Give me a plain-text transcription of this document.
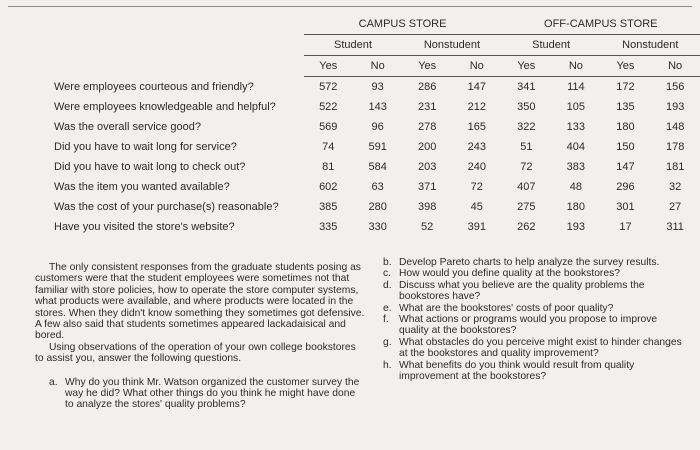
	CAMPUS STORE				OFF-CAMPUS STORE			
	Student		Nonstudent		Student		Nonstudent	
	Yes	No	Yes	No	Yes	No	Yes	No
Were employees courteous and friendly?	572	93	286	147	341	114	172	156
Were employees knowledgeable and helpful?	522	143	231	212	350	105	135	193
Was the overall service good?	569	96	278	165	322	133	180	148
Did you have to wait long for service?	74	591	200	243	51	404	150	178
Did you have to wait long to check out?	81	584	203	240	72	383	147	181
Was the item you wanted available?	602	63	371	72	407	48	296	32
Was the cost of your purchase(s) reasonable?	385	280	398	45	275	180	301	27
Have you visited the store's website?	335	330	52	391	262	193	17	311

The only consistent responses from the graduate students posing as customers were that the student employees were sometimes not that familiar with store policies, how to operate the store computer systems, what products were available, and where products were located in the stores. When they didn't know something they sometimes got defensive. A few also said that students sometimes appeared lackadaisical and bored.

Using observations of the operation of your own college bookstores to assist you, answer the following questions.

a. Why do you think Mr. Watson organized the customer survey the way he did? What other things do you think he might have done to analyze the stores' quality problems?
b. Develop Pareto charts to help analyze the survey results.
c. How would you define quality at the bookstores?
d. Discuss what you believe are the quality problems the bookstores have?
e. What are the bookstores' costs of poor quality?
f. What actions or programs would you propose to improve quality at the bookstores?
g. What obstacles do you perceive might exist to hinder changes at the bookstores and quality improvement?
h. What benefits do you think would result from quality improvement at the bookstores?
